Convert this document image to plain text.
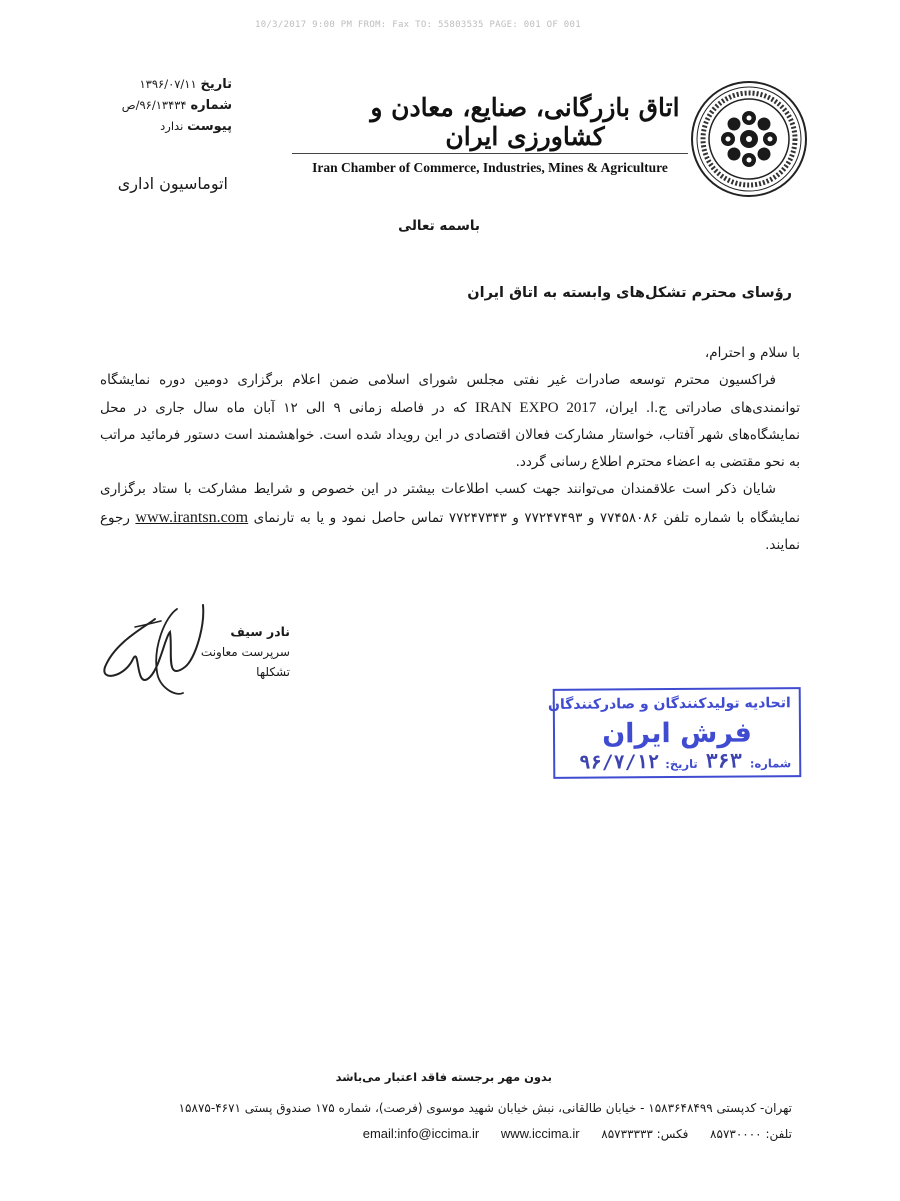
10/3/2017 9:00 PM FROM: Fax TO: 55803535 PAGE: 001 OF 001
اتاق بازرگانی، صنایع، معادن و کشاورزی ایران
Iran Chamber of Commerce, Industries, Mines & Agriculture
تاریخ ۱۳۹۶/۰۷/۱۱
شماره ۹۶/۱۳۴۳۴/ص
پیوست ندارد
اتوماسیون اداری
باسمه تعالی
رؤسای محترم تشکل‌های وابسته به اتاق ایران

با سلام و احترام،

فراکسیون محترم توسعه صادرات غیر نفتی مجلس شورای اسلامی ضمن اعلام برگزاری دومین دوره نمایشگاه توانمندی‌های صادراتی ج.ا. ایران، IRAN EXPO 2017 که در فاصله زمانی ۹ الی ۱۲ آبان ماه سال جاری در محل نمایشگاه‌های شهر آفتاب، خواستار مشارکت فعالان اقتصادی در این رویداد شده است. خواهشمند است دستور فرمائید مراتب به نحو مقتضی به اعضاء محترم اطلاع رسانی گردد.

شایان ذکر است علاقمندان می‌توانند جهت کسب اطلاعات بیشتر در این خصوص و شرایط مشارکت با ستاد برگزاری نمایشگاه با شماره تلفن ۷۷۴۵۸۰۸۶ و ۷۷۲۴۷۴۹۳ و ۷۷۲۴۷۳۴۳ تماس حاصل نمود و یا به تارنمای www.irantsn.com رجوع نمایند.

نادر سیف
سرپرست معاونت
تشکلها
اتحادیه تولیدکنندگان و صادرکنندگان
فرش ایران
شماره: ۳۶۳ تاریخ: ۹۶/۷/۱۲
بدون مهر برجسته فاقد اعتبار می‌باشد
تهران- کدپستی ۱۵۸۳۶۴۸۴۹۹ - خیابان طالقانی، نبش خیابان شهید موسوی (فرصت)، شماره ۱۷۵ صندوق پستی ۴۶۷۱-۱۵۸۷۵
تلفن: ۸۵۷۳۰۰۰۰  فکس: ۸۵۷۳۳۳۳۳  email:info@iccima.ir www.iccima.ir
